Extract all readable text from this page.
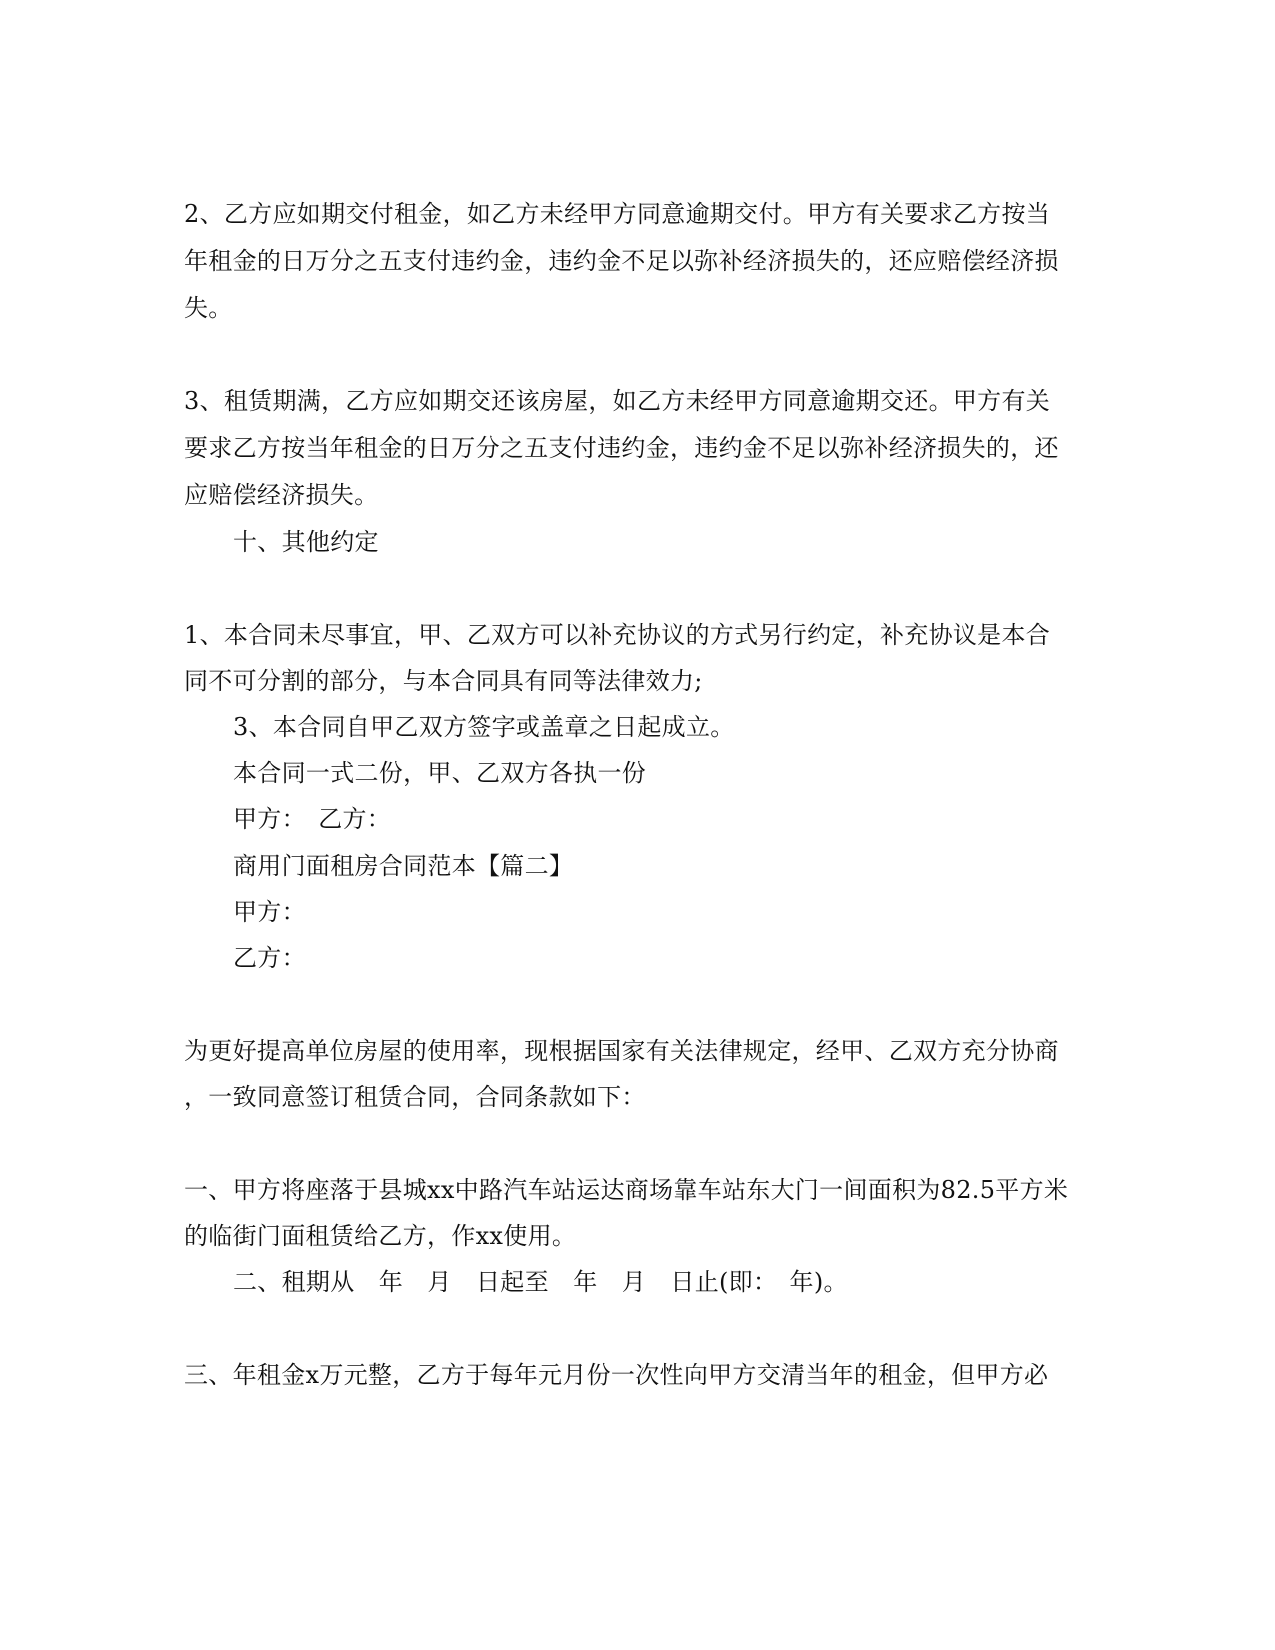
2、乙方应如期交付租金，如乙方未经甲方同意逾期交付。甲方有关要求乙方按当
年租金的日万分之五支付违约金，违约金不足以弥补经济损失的，还应赔偿经济损
失。
3、租赁期满，乙方应如期交还该房屋，如乙方未经甲方同意逾期交还。甲方有关
要求乙方按当年租金的日万分之五支付违约金，违约金不足以弥补经济损失的，还
应赔偿经济损失。
十、其他约定
1、本合同未尽事宜，甲、乙双方可以补充协议的方式另行约定，补充协议是本合
同不可分割的部分，与本合同具有同等法律效力;
3、本合同自甲乙双方签字或盖章之日起成立。
本合同一式二份，甲、乙双方各执一份
甲方：　乙方：
商用门面租房合同范本【篇二】
甲方：
乙方：
为更好提高单位房屋的使用率，现根据国家有关法律规定，经甲、乙双方充分协商
，一致同意签订租赁合同，合同条款如下：
一、甲方将座落于县城xx中路汽车站运达商场靠车站东大门一间面积为82.5平方米
的临街门面租赁给乙方，作xx使用。
二、租期从　年　月　日起至　年　月　日止(即：　年)。
三、年租金x万元整，乙方于每年元月份一次性向甲方交清当年的租金，但甲方必
